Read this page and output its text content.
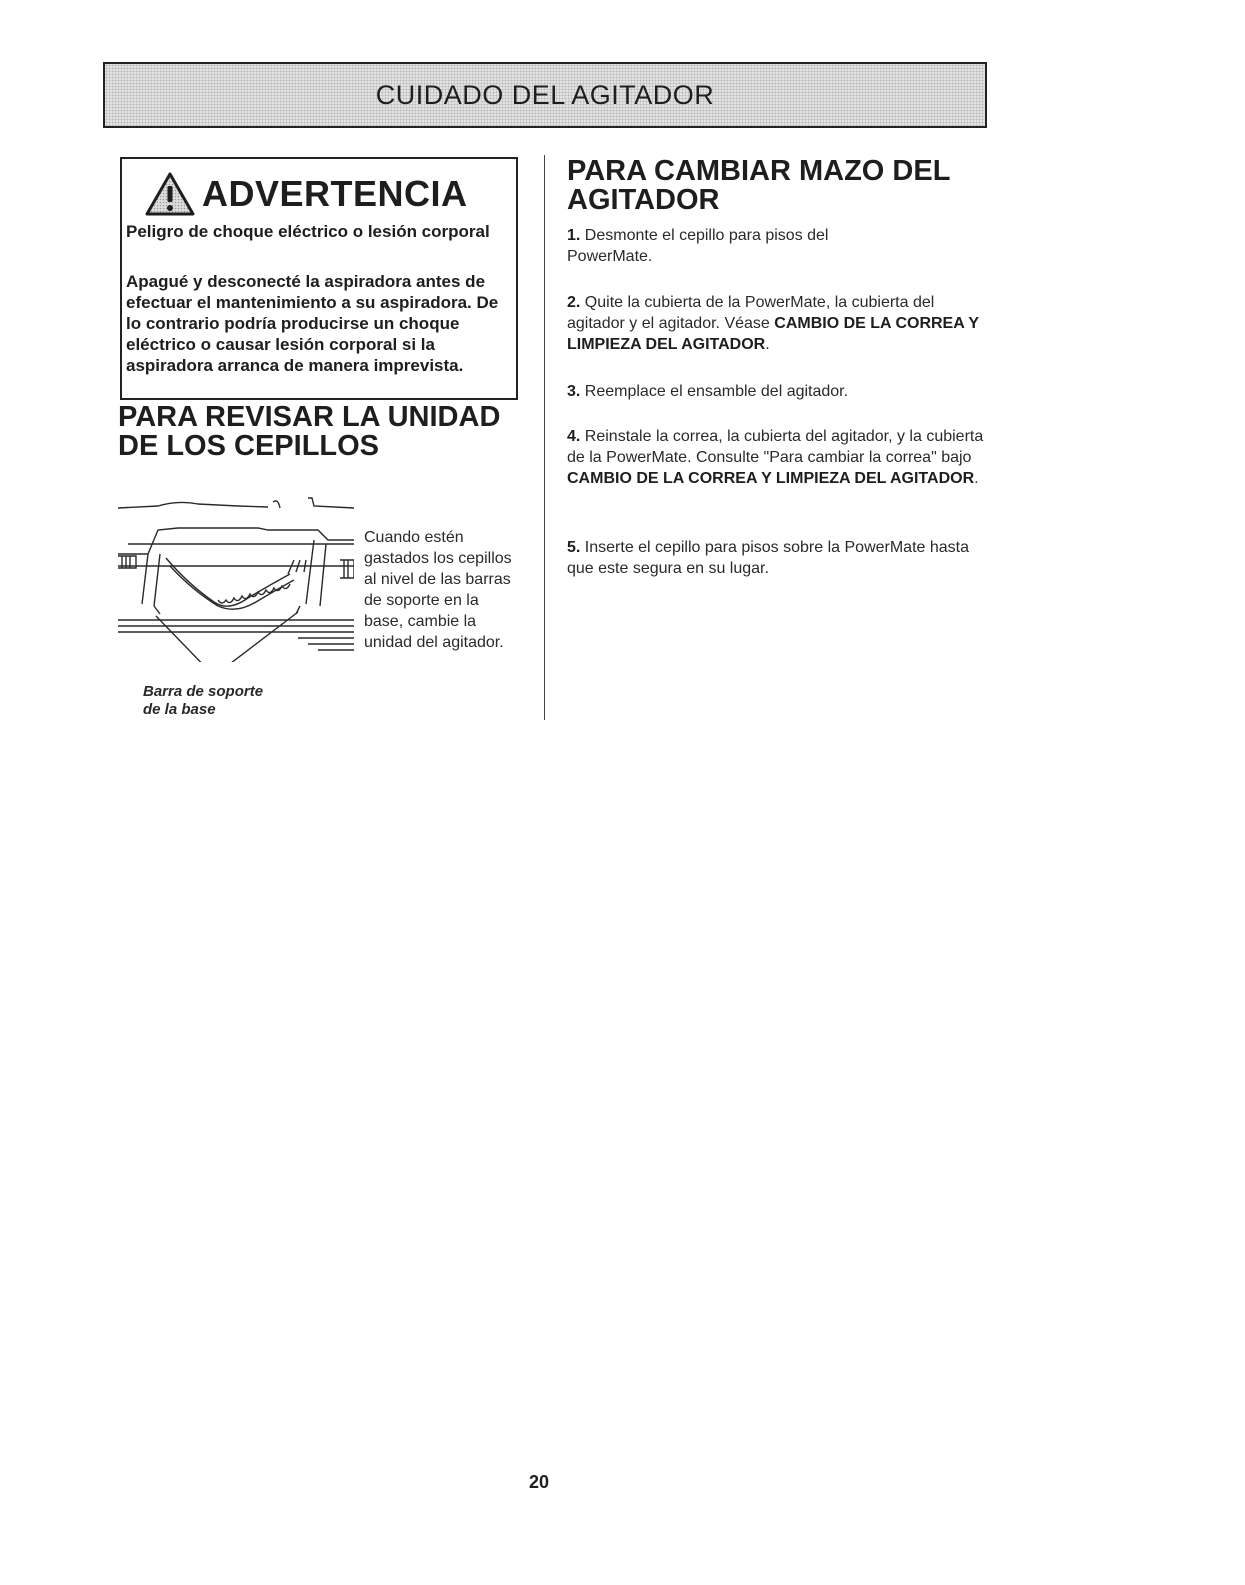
CUIDADO DEL AGITADOR
ADVERTENCIA
Peligro de choque eléctrico o lesión corporal
Apagué y desconecté la aspiradora antes de efectuar el mantenimiento a su aspiradora. De lo contrario podría producirse un choque eléctrico o causar lesión corporal si la aspiradora arranca de manera imprevista.
PARA REVISAR LA UNIDAD DE LOS CEPILLOS
Cuando estén gastados los cepillos al nivel de las barras de soporte en la base, cambie la unidad del agitador.
Barra de soporte
de la base
PARA CAMBIAR MAZO DEL AGITADOR
1. Desmonte el cepillo para pisos del PowerMate.
2. Quite la cubierta de la PowerMate, la cubierta del agitador y el agitador. Véase CAMBIO DE LA CORREA Y LIMPIEZA DEL AGITADOR.
3. Reemplace el ensamble del agitador.
4. Reinstale la correa, la cubierta del agitador, y la cubierta de la PowerMate. Consulte "Para cambiar la correa" bajo CAMBIO DE LA CORREA Y LIMPIEZA DEL AGITADOR.
5. Inserte el cepillo para pisos sobre la PowerMate hasta que este segura en su lugar.
20
